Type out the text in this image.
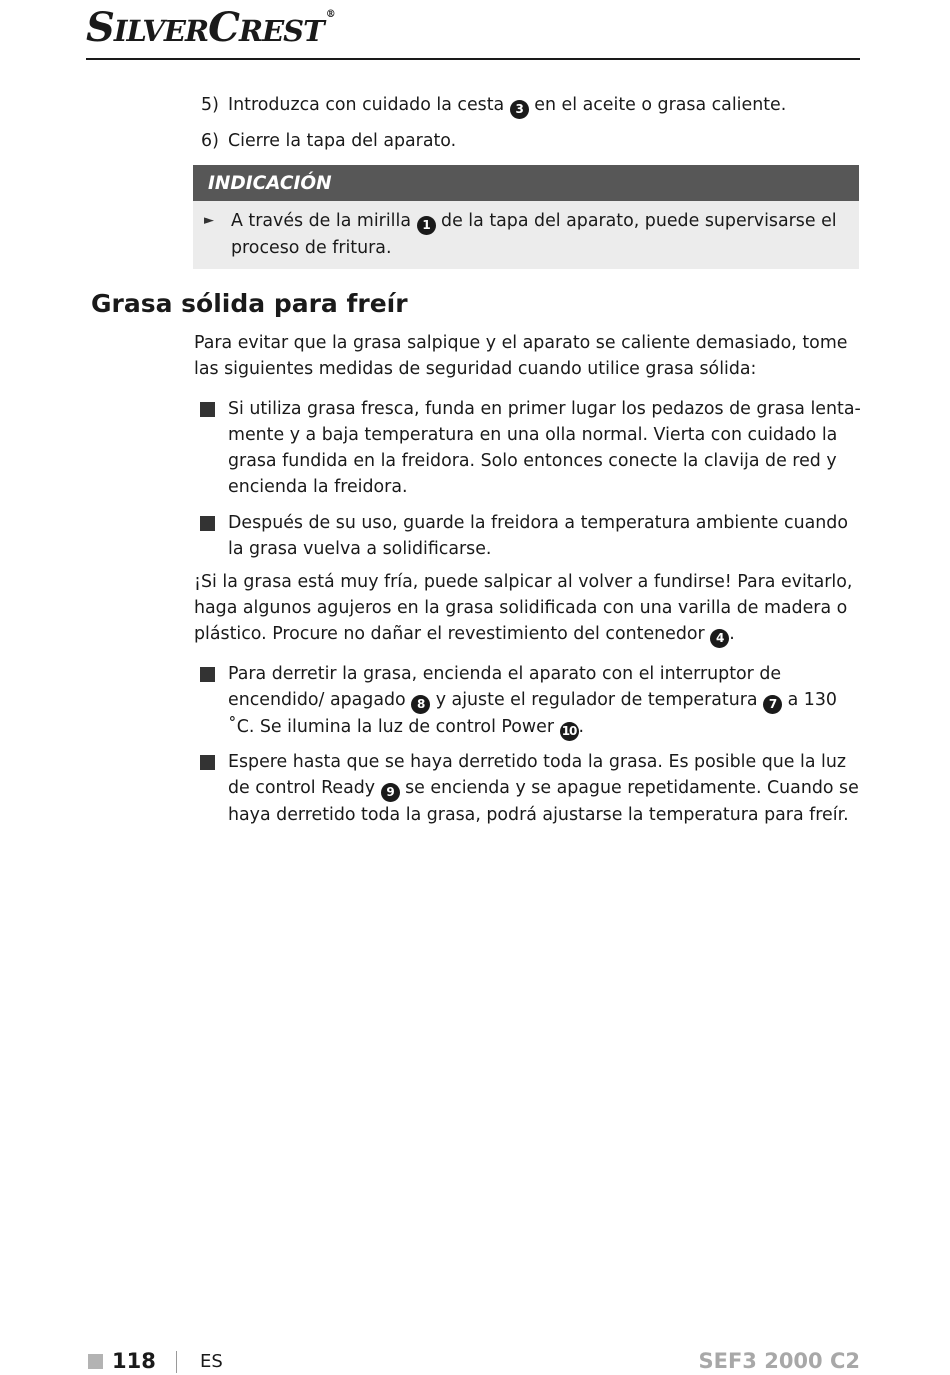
SILVERCREST ®
5) Introduzca con cuidado la cesta 3 en el aceite o grasa caliente.
6) Cierre la tapa del aparato.
INDICACIÓN
► A través de la mirilla 1 de la tapa del aparato, puede supervisarse el proceso de fritura.
Grasa sólida para freír
Para evitar que la grasa salpique y el aparato se caliente demasiado, tome las siguientes medidas de seguridad cuando utilice grasa sólida:
Si utiliza grasa fresca, funda en primer lugar los pedazos de grasa lenta-mente y a baja temperatura en una olla normal. Vierta con cuidado la grasa fundida en la freidora. Solo entonces conecte la clavija de red y encienda la freidora.
Después de su uso, guarde la freidora a temperatura ambiente cuando la grasa vuelva a solidificarse.
¡Si la grasa está muy fría, puede salpicar al volver a fundirse! Para evitarlo, haga algunos agujeros en la grasa solidificada con una varilla de madera o plástico. Procure no dañar el revestimiento del contenedor 4 .
Para derretir la grasa, encienda el aparato con el interruptor de encendido/ apagado 8 y ajuste el regulador de temperatura 7 a 130 ˚C. Se ilumina la luz de control Power 10 .
Espere hasta que se haya derretido toda la grasa. Es posible que la luz de control Ready 9 se encienda y se apague repetidamente. Cuando se haya derretido toda la grasa, podrá ajustarse la temperatura para freír.
118 ES	SEF3 2000 C2
